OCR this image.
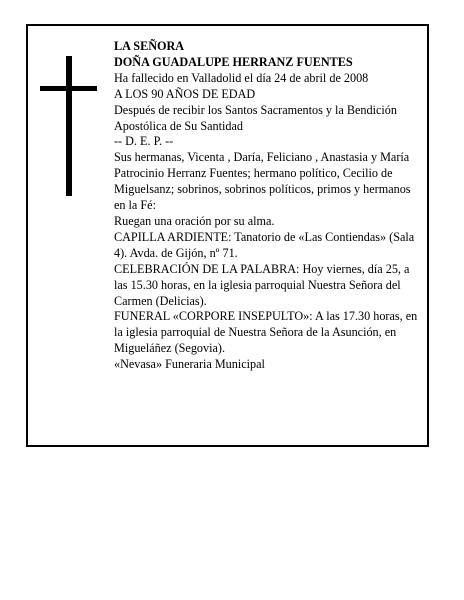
LA SEÑORA

DOÑA GUADALUPE HERRANZ FUENTES

Ha fallecido en Valladolid el día 24 de abril de 2008

A LOS 90 AÑOS DE EDAD

Después de recibir los Santos Sacramentos y la Bendición Apostólica de Su Santidad

-- D. E. P. --

Sus hermanas, Vicenta , Daría, Feliciano , Anastasia y María Patrocinio Herranz Fuentes; hermano político, Cecilio de Miguelsanz; sobrinos, sobrinos políticos, primos y hermanos en la Fé:

Ruegan una oración por su alma.

CAPILLA ARDIENTE: Tanatorio de «Las Contiendas» (Sala 4). Avda. de Gijón, nº 71.

CELEBRACIÓN DE LA PALABRA: Hoy viernes, día 25, a las 15.30 horas, en la iglesia parroquial Nuestra Señora del Carmen (Delicias).

FUNERAL «CORPORE INSEPULTO»: A las 17.30 horas, en la iglesia parroquial de Nuestra Señora de la Asunción, en Migueláñez (Segovia).

«Nevasa» Funeraria Municipal
